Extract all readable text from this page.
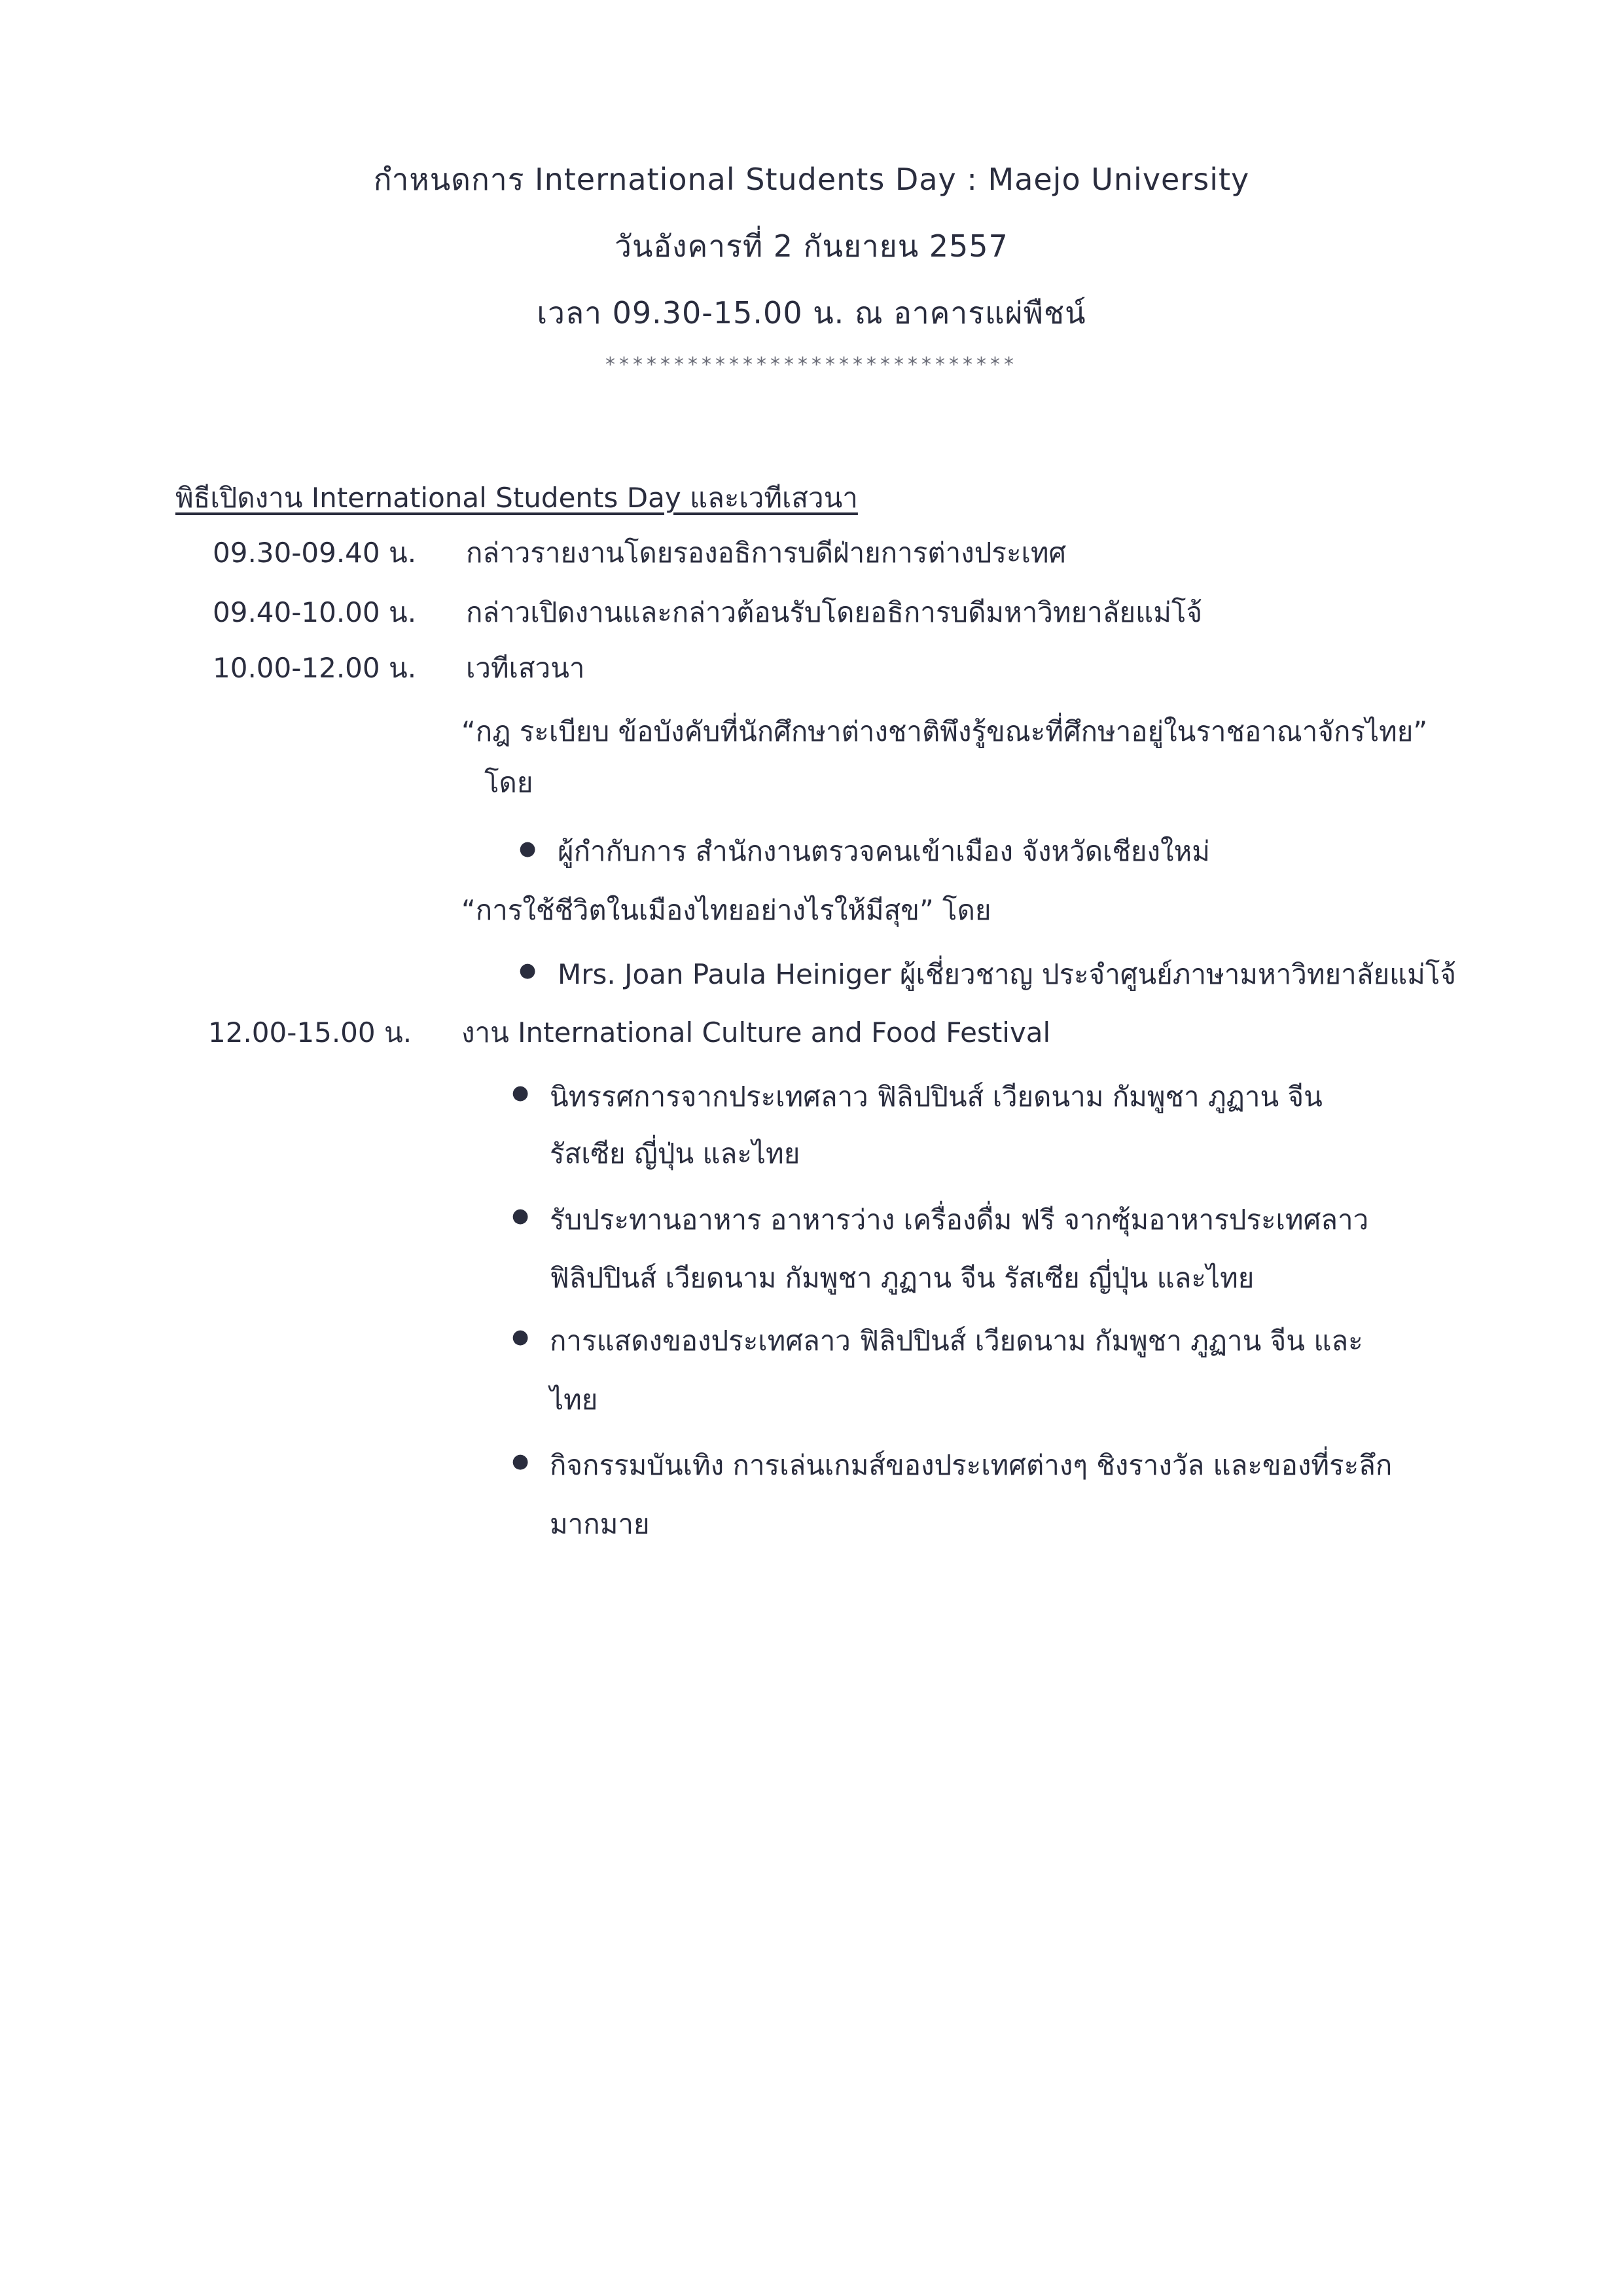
กำหนดการ International Students Day : Maejo University
วันอังคารที่ 2 กันยายน 2557
เวลา 09.30-15.00 น. ณ อาคารแผ่พืชน์
******************************
พิธีเปิดงาน International Students Day และเวทีเสวนา
09.30-09.40 น. กล่าวรายงานโดยรองอธิการบดีฝ่ายการต่างประเทศ
09.40-10.00 น. กล่าวเปิดงานและกล่าวต้อนรับโดยอธิการบดีมหาวิทยาลัยแม่โจ้
10.00-12.00 น. เวทีเสวนา
“กฎ ระเบียบ ข้อบังคับที่นักศึกษาต่างชาติพึงรู้ขณะที่ศึกษาอยู่ในราชอาณาจักรไทย”
โดย
● ผู้กำกับการ สำนักงานตรวจคนเข้าเมือง จังหวัดเชียงใหม่
“การใช้ชีวิตในเมืองไทยอย่างไรให้มีสุข” โดย
● Mrs. Joan Paula Heiniger ผู้เชี่ยวชาญ ประจำศูนย์ภาษามหาวิทยาลัยแม่โจ้
12.00-15.00 น. งาน International Culture and Food Festival
● นิทรรศการจากประเทศลาว ฟิลิปปินส์ เวียดนาม กัมพูชา ภูฏาน จีน
รัสเซีย ญี่ปุ่น และไทย
● รับประทานอาหาร อาหารว่าง เครื่องดื่ม ฟรี จากซุ้มอาหารประเทศลาว
ฟิลิปปินส์ เวียดนาม กัมพูชา ภูฏาน จีน รัสเซีย ญี่ปุ่น และไทย
● การแสดงของประเทศลาว ฟิลิปปินส์ เวียดนาม กัมพูชา ภูฏาน จีน และ
ไทย
● กิจกรรมบันเทิง การเล่นเกมส์ของประเทศต่างๆ ชิงรางวัล และของที่ระลึก
มากมาย
